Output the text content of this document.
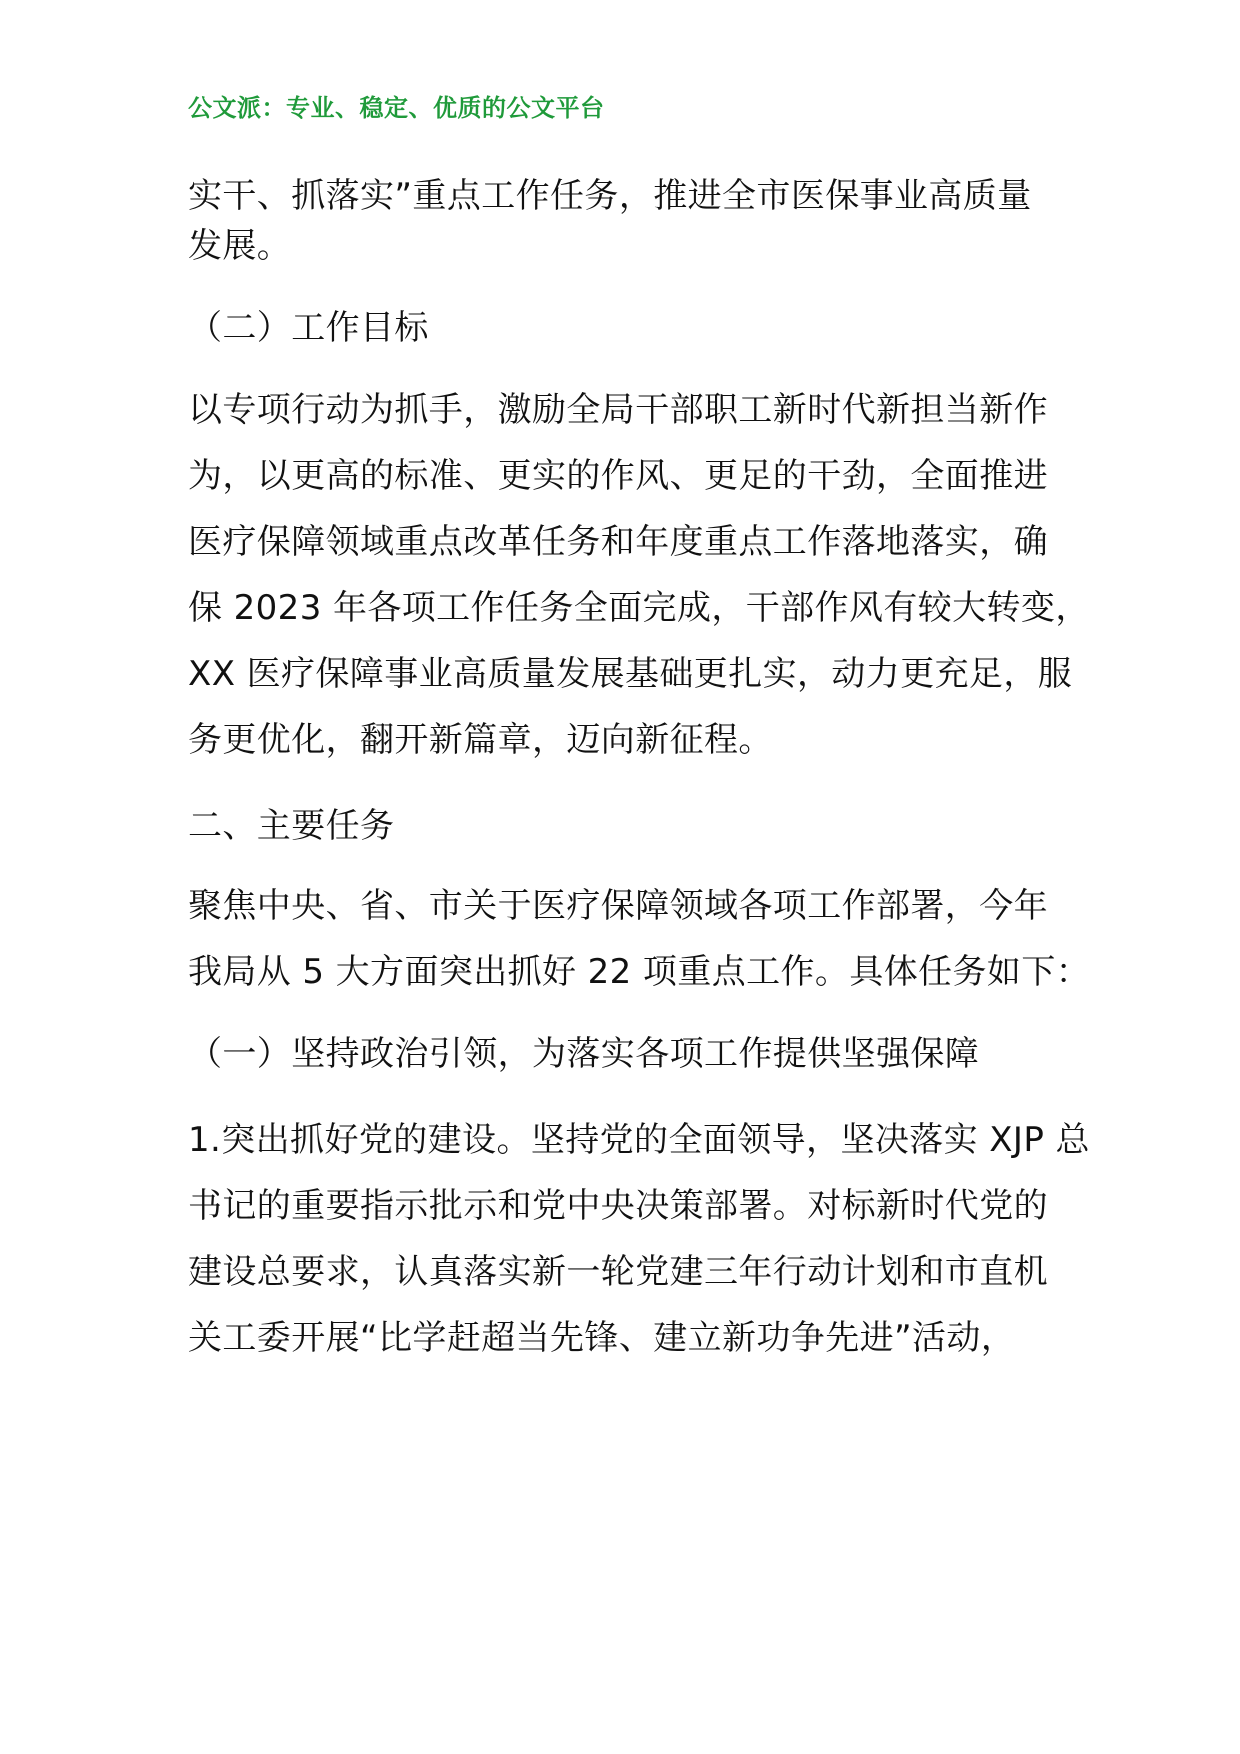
公文派：专业、稳定、优质的公文平台
实干、抓落实”重点工作任务，推进全市医保事业高质量
发展。
（二）工作目标
以专项行动为抓手，激励全局干部职工新时代新担当新作
为，以更高的标准、更实的作风、更足的干劲，全面推进
医疗保障领域重点改革任务和年度重点工作落地落实，确
保 2023 年各项工作任务全面完成，干部作风有较大转变，
XX 医疗保障事业高质量发展基础更扎实，动力更充足，服
务更优化，翻开新篇章，迈向新征程。
二、主要任务
聚焦中央、省、市关于医疗保障领域各项工作部署，今年
我局从 5 大方面突出抓好 22 项重点工作。具体任务如下：
（一）坚持政治引领，为落实各项工作提供坚强保障
1.突出抓好党的建设。坚持党的全面领导，坚决落实 XJP 总
书记的重要指示批示和党中央决策部署。对标新时代党的
建设总要求，认真落实新一轮党建三年行动计划和市直机
关工委开展“比学赶超当先锋、建立新功争先进”活动，
